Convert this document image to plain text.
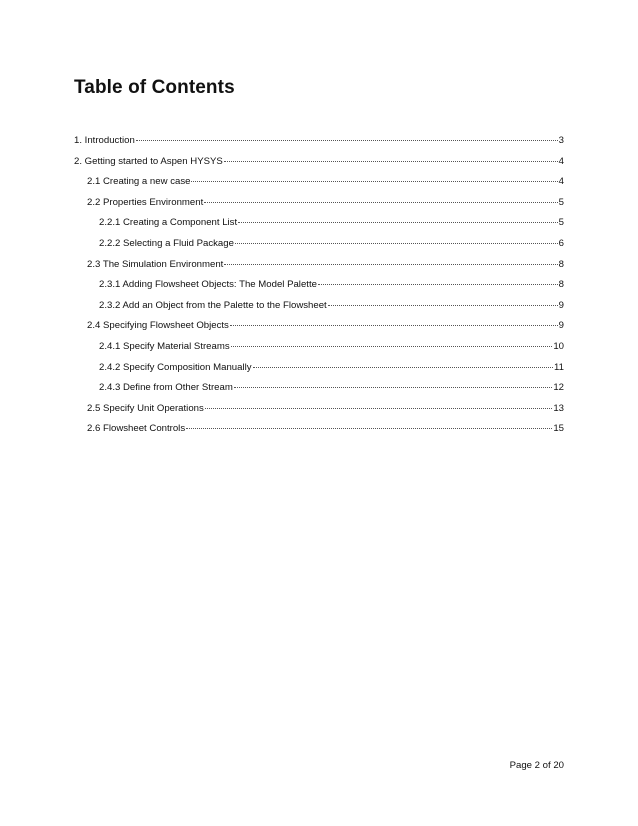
Table of Contents
1. Introduction	3
2. Getting started to Aspen HYSYS	4
2.1 Creating a new case	4
2.2 Properties Environment	5
2.2.1 Creating a Component List	5
2.2.2 Selecting a Fluid Package	6
2.3 The Simulation Environment	8
2.3.1 Adding Flowsheet Objects: The Model Palette	8
2.3.2 Add an Object from the Palette to the Flowsheet	9
2.4 Specifying Flowsheet Objects	9
2.4.1 Specify Material Streams	10
2.4.2 Specify Composition Manually	11
2.4.3 Define from Other Stream	12
2.5 Specify Unit Operations	13
2.6 Flowsheet Controls	15
Page 2 of 20
